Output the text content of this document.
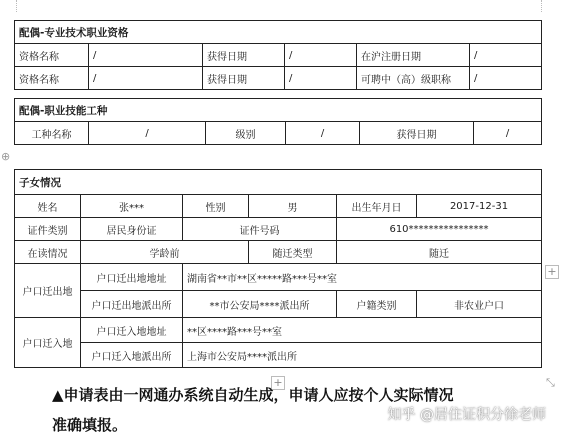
配偶-专业技术职业资格					
资格名称	/	获得日期	/	在沪注册日期	/
资格名称	/	获得日期	/	可聘中（高）级职称	/
配偶-职业技能工种
工种名称	/	级别	/	获得日期	/
⊕
子女情况					
姓名	张***	性别	男	出生年月日	2017-12-31
证件类别	居民身份证	证件号码		610****************	
在读情况	学龄前		随迁类型	随迁	
户口迁出地	户口迁出地地址	湖南省**市**区*****路***号**室			
	户口迁出地派出所	**市公安局****派出所		户籍类别	非农业户口
户口迁入地	户口迁入地地址	**区****路***号**室			
	户口迁入地派出所	上海市公安局****派出所			
+
+	⤡
▲申请表由一网通办系统自动生成，申请人应按个人实际情况
准确填报。
知乎 @居住证积分徐老师
